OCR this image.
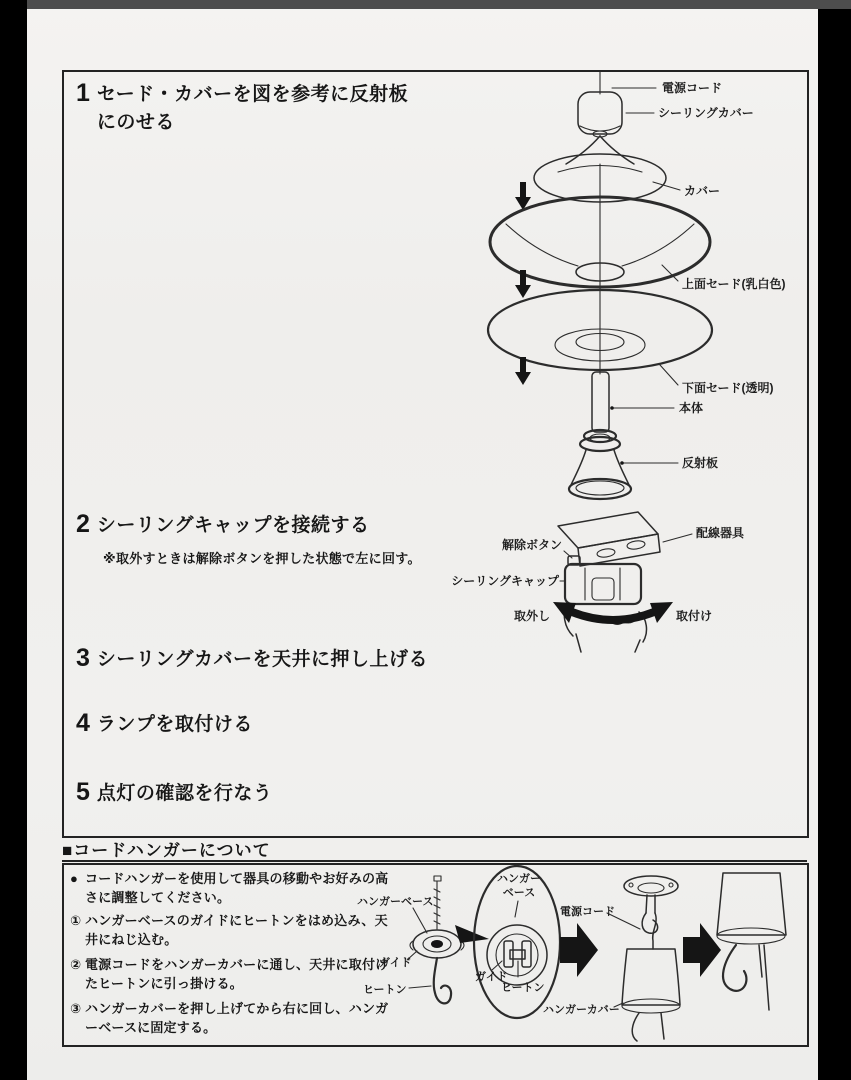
1 セード・カバーを図を参考に反射板
にのせる
電源コード
シーリングカバー
カバー
上面セード(乳白色)
下面セード(透明)
本体
反射板
2 シーリングキャップを接続する
※取外すときは解除ボタンを押した状態で左に回す。
配線器具
解除ボタン
シーリングキャップ
取外し	取付け
3 シーリングカバーを天井に押し上げる
4 ランプを取付ける
5 点灯の確認を行なう
■コードハンガーについて
● コードハンガーを使用して器具の移動やお好みの高さに調整してください。
① ハンガーベースのガイドにヒートンをはめ込み、天井にねじ込む。
② 電源コードをハンガーカバーに通し、天井に取付けたヒートンに引っ掛ける。
③ ハンガーカバーを押し上げてから右に回し、ハンガーベースに固定する。
ハンガーベース
ガイド
ヒートン
ハンガー
ベース
ガイド
ヒートン
電源コード
ハンガーカバー
